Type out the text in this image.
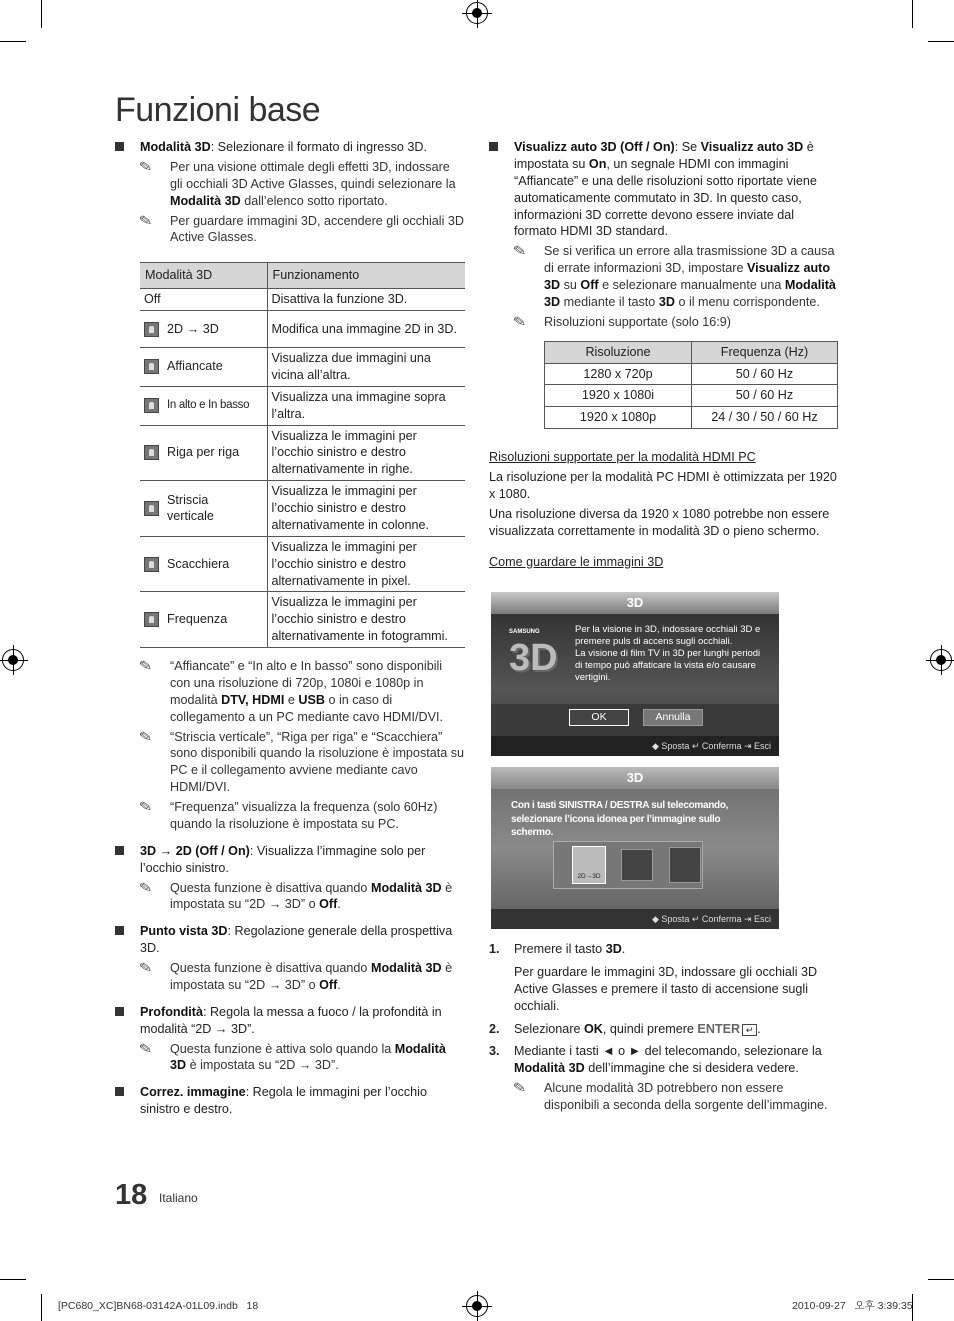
Funzioni base
Modalità 3D: Selezionare il formato di ingresso 3D.
✎ Per una visione ottimale degli effetti 3D, indossare gli occhiali 3D Active Glasses, quindi selezionare la Modalità 3D dall’elenco sotto riportato.
✎ Per guardare immagini 3D, accendere gli occhiali 3D Active Glasses.
Modalità 3D	Funzionamento
Off	Disattiva la funzione 3D.

2D → 3D	Modifica una immagine 2D in 3D.

Affiancate	Visualizza due immagini una vicina all’altra.

In alto e In basso	Visualizza una immagine sopra l’altra.

Riga per riga	Visualizza le immagini per l’occhio sinistro e destro alternativamente in righe.

Striscia verticale	Visualizza le immagini per l’occhio sinistro e destro alternativamente in colonne.

Scacchiera	Visualizza le immagini per l’occhio sinistro e destro alternativamente in pixel.

Frequenza	Visualizza le immagini per l’occhio sinistro e destro alternativamente in fotogrammi.
✎ “Affiancate” e “In alto e In basso” sono disponibili con una risoluzione di 720p, 1080i e 1080p in modalità DTV, HDMI e USB o in caso di collegamento a un PC mediante cavo HDMI/DVI.
✎ “Striscia verticale”, “Riga per riga” e “Scacchiera” sono disponibili quando la risoluzione è impostata su PC e il collegamento avviene mediante cavo HDMI/DVI.
✎ “Frequenza” visualizza la frequenza (solo 60Hz) quando la risoluzione è impostata su PC.
3D → 2D (Off / On): Visualizza l’immagine solo per l’occhio sinistro.
✎ Questa funzione è disattiva quando Modalità 3D è impostata su “2D → 3D” o Off.
Punto vista 3D: Regolazione generale della prospettiva 3D.
✎ Questa funzione è disattiva quando Modalità 3D è impostata su “2D → 3D” o Off.
Profondità: Regola la messa a fuoco / la profondità in modalità “2D → 3D”.
✎ Questa funzione è attiva solo quando la Modalità 3D è impostata su “2D → 3D”.
Correz. immagine: Regola le immagini per l’occhio sinistro e destro.
Visualizz auto 3D (Off / On): Se Visualizz auto 3D è impostata su On, un segnale HDMI con immagini “Affiancate” e una delle risoluzioni sotto riportate viene automaticamente commutato in 3D. In questo caso, informazioni 3D corrette devono essere inviate dal formato HDMI 3D standard.
✎ Se si verifica un errore alla trasmissione 3D a causa di errate informazioni 3D, impostare Visualizz auto 3D su Off e selezionare manualmente una Modalità 3D mediante il tasto 3D o il menu corrispondente.
✎ Risoluzioni supportate (solo 16:9)
Risoluzione	Frequenza (Hz)
1280 x 720p	50 / 60 Hz
1920 x 1080i	50 / 60 Hz
1920 x 1080p	24 / 30 / 50 / 60 Hz
Risoluzioni supportate per la modalità HDMI PC
La risoluzione per la modalità PC HDMI è ottimizzata per 1920 x 1080.
Una risoluzione diversa da 1920 x 1080 potrebbe non essere visualizzata correttamente in modalità 3D o pieno schermo.
Come guardare le immagini 3D
3D
SAMSUNG
3D
Per la visione in 3D, indossare occhiali 3D e premere puls di accens sugli occhiali.
La visione di film TV in 3D per lunghi periodi di tempo può affaticare la vista e/o causare vertigini.
OK	Annulla
◆ Sposta ↵ Conferma ⇥ Esci
3D
Con i tasti SINISTRA / DESTRA sul telecomando, selezionare l’icona idonea per l’immagine sullo schermo.
2D→3D
◆ Sposta ↵ Conferma ⇥ Esci
1. Premere il tasto 3D.
Per guardare le immagini 3D, indossare gli occhiali 3D Active Glasses e premere il tasto di accensione sugli occhiali.
2. Selezionare OK, quindi premere ENTER ↵ .
3. Mediante i tasti ◄ o ► del telecomando, selezionare la Modalità 3D dell’immagine che si desidera vedere.
✎ Alcune modalità 3D potrebbero non essere disponibili a seconda della sorgente dell’immagine.
18 Italiano
[PC680_XC]BN68-03142A-01L09.indb   18	2010-09-27   오후 3:39:35
